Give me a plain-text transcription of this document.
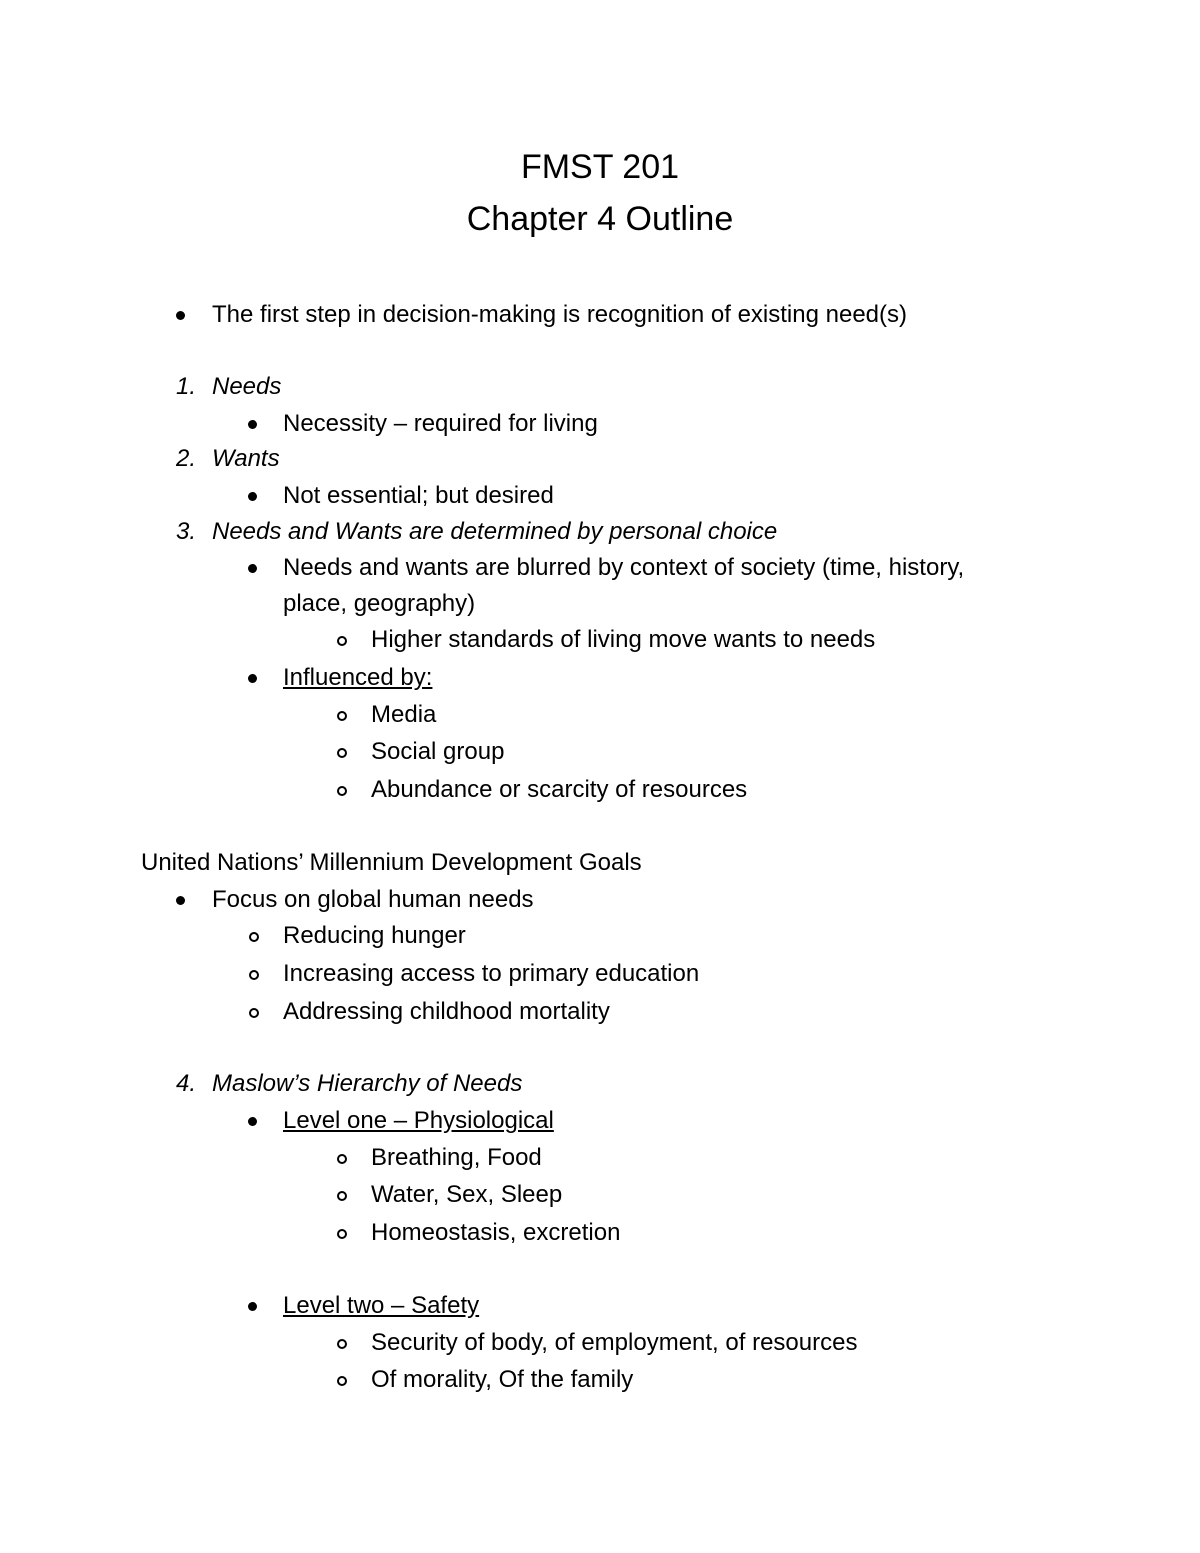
FMST 201
Chapter 4 Outline
The first step in decision-making is recognition of existing need(s)
1. Needs
Necessity – required for living
2. Wants
Not essential; but desired
3. Needs and Wants are determined by personal choice
Needs and wants are blurred by context of society (time, history,
place, geography)
Higher standards of living move wants to needs
Influenced by:
Media
Social group
Abundance or scarcity of resources
United Nations’ Millennium Development Goals
Focus on global human needs
Reducing hunger
Increasing access to primary education
Addressing childhood mortality
4. Maslow’s Hierarchy of Needs
Level one – Physiological
Breathing, Food
Water, Sex, Sleep
Homeostasis, excretion
Level two – Safety
Security of body, of employment, of resources
Of morality, Of the family
